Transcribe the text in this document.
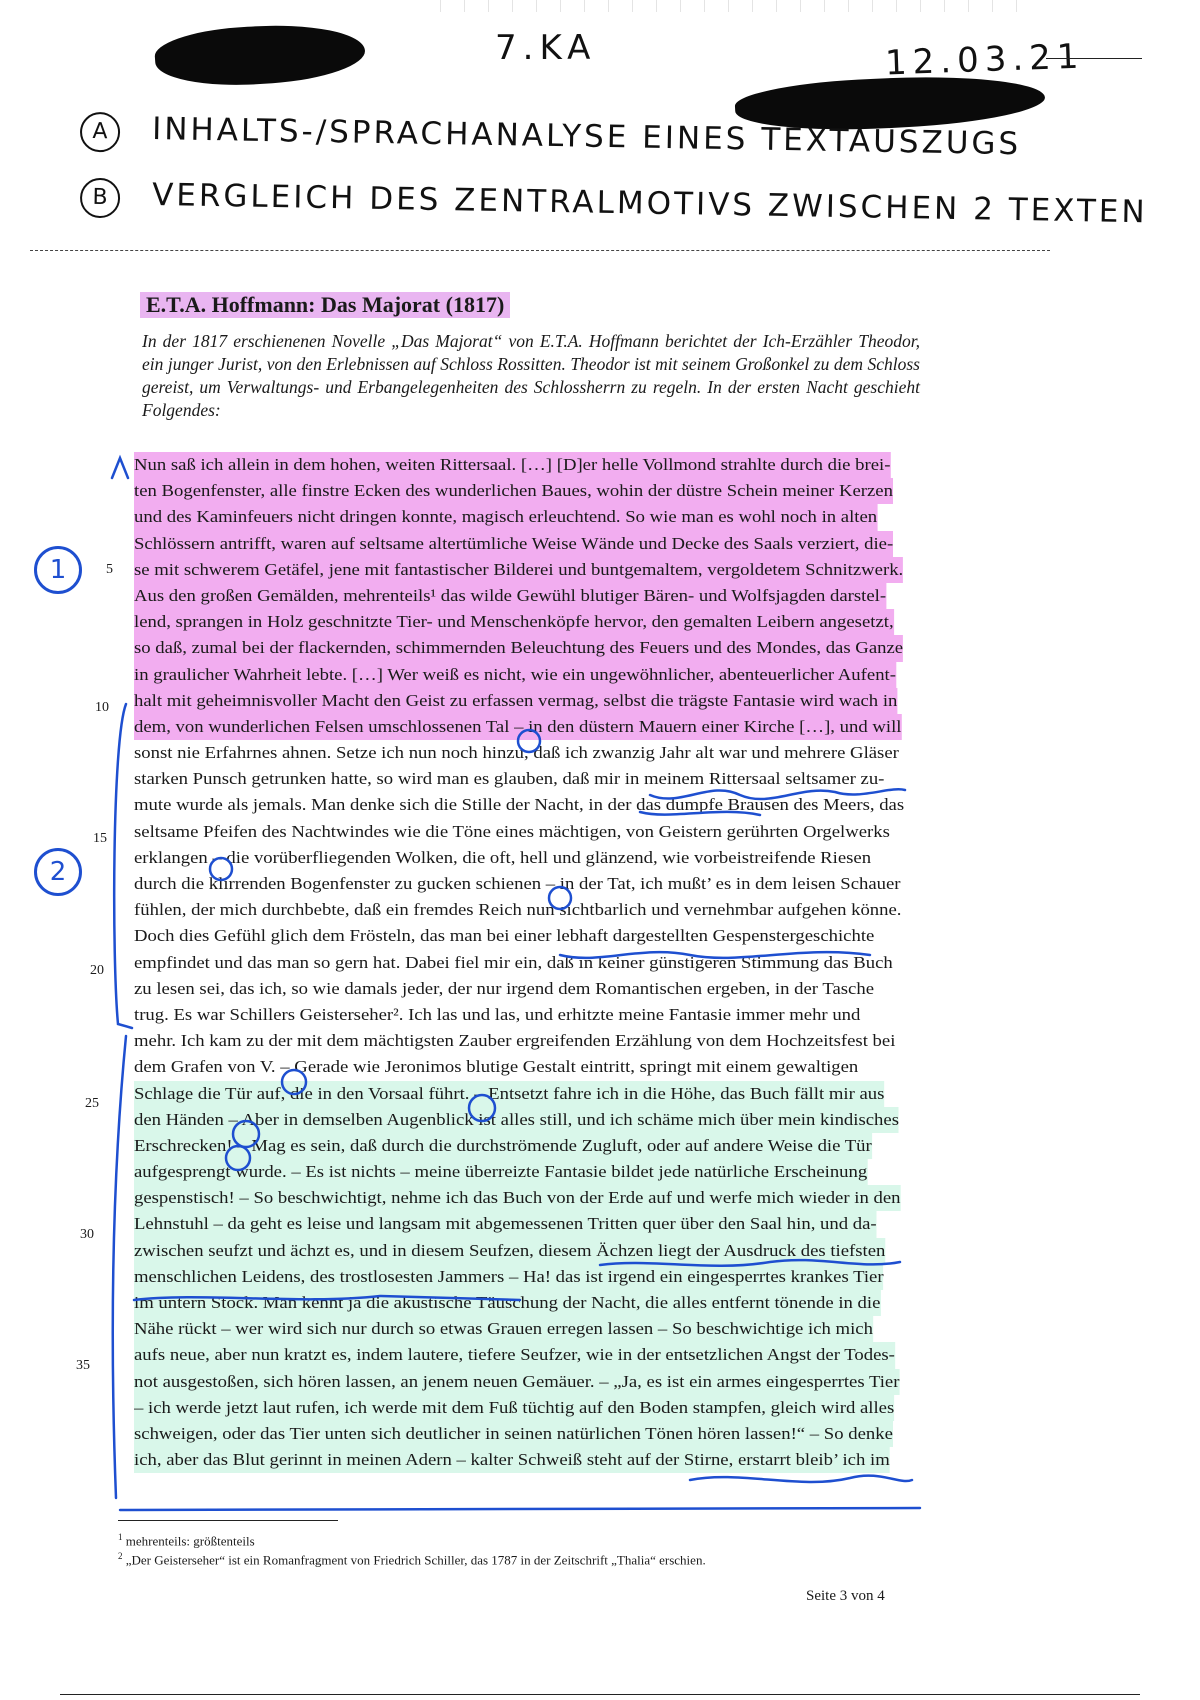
7.KA	12.03.21
A INHALTS-/SPRACHANALYSE EINES TEXTAUSZUGS
B VERGLEICH DES ZENTRALMOTIVS ZWISCHEN 2 TEXTEN
E.T.A. Hoffmann: Das Majorat (1817)
In der 1817 erschienenen Novelle „Das Majorat“ von E.T.A. Hoffmann berichtet der Ich-Erzähler Theodor, ein junger Jurist, von den Erlebnissen auf Schloss Rossitten. Theodor ist mit seinem Großonkel zu dem Schloss gereist, um Verwaltungs- und Erbangelegenheiten des Schlossherrn zu regeln. In der ersten Nacht geschieht Folgendes:
Nun saß ich allein in dem hohen, weiten Rittersaal. […] [D]er helle Vollmond strahlte durch die brei-
ten Bogenfenster, alle finstre Ecken des wunderlichen Baues, wohin der düstre Schein meiner Kerzen
und des Kaminfeuers nicht dringen konnte, magisch erleuchtend. So wie man es wohl noch in alten
Schlössern antrifft, waren auf seltsame altertümliche Weise Wände und Decke des Saals verziert, die-
se mit schwerem Getäfel, jene mit fantastischer Bilderei und buntgemaltem, vergoldetem Schnitzwerk.
Aus den großen Gemälden, mehrenteils¹ das wilde Gewühl blutiger Bären- und Wolfsjagden darstel-
lend, sprangen in Holz geschnitzte Tier- und Menschenköpfe hervor, den gemalten Leibern angesetzt,
so daß, zumal bei der flackernden, schimmernden Beleuchtung des Feuers und des Mondes, das Ganze
in graulicher Wahrheit lebte. […] Wer weiß es nicht, wie ein ungewöhnlicher, abenteuerlicher Aufent-
halt mit geheimnisvoller Macht den Geist zu erfassen vermag, selbst die trägste Fantasie wird wach in
dem, von wunderlichen Felsen umschlossenen Tal – in den düstern Mauern einer Kirche […], und will
sonst nie Erfahrnes ahnen. Setze ich nun noch hinzu, daß ich zwanzig Jahr alt war und mehrere Gläser
starken Punsch getrunken hatte, so wird man es glauben, daß mir in meinem Rittersaal seltsamer zu-
mute wurde als jemals. Man denke sich die Stille der Nacht, in der das dumpfe Brausen des Meers, das
seltsame Pfeifen des Nachtwindes wie die Töne eines mächtigen, von Geistern gerührten Orgelwerks
erklangen – die vorüberfliegenden Wolken, die oft, hell und glänzend, wie vorbeistreifende Riesen
durch die klirrenden Bogenfenster zu gucken schienen – in der Tat, ich mußt’ es in dem leisen Schauer
fühlen, der mich durchbebte, daß ein fremdes Reich nun sichtbarlich und vernehmbar aufgehen könne.
Doch dies Gefühl glich dem Frösteln, das man bei einer lebhaft dargestellten Gespenstergeschichte
empfindet und das man so gern hat. Dabei fiel mir ein, daß in keiner günstigeren Stimmung das Buch
zu lesen sei, das ich, so wie damals jeder, der nur irgend dem Romantischen ergeben, in der Tasche
trug. Es war Schillers Geisterseher². Ich las und las, und erhitzte meine Fantasie immer mehr und
mehr. Ich kam zu der mit dem mächtigsten Zauber ergreifenden Erzählung von dem Hochzeitsfest bei
dem Grafen von V. – Gerade wie Jeronimos blutige Gestalt eintritt, springt mit einem gewaltigen
Schlage die Tür auf, die in den Vorsaal führt. – Entsetzt fahre ich in die Höhe, das Buch fällt mir aus
den Händen – Aber in demselben Augenblick ist alles still, und ich schäme mich über mein kindisches
Erschrecken! – Mag es sein, daß durch die durchströmende Zugluft, oder auf andere Weise die Tür
aufgesprengt wurde. – Es ist nichts – meine überreizte Fantasie bildet jede natürliche Erscheinung
gespenstisch! – So beschwichtigt, nehme ich das Buch von der Erde auf und werfe mich wieder in den
Lehnstuhl – da geht es leise und langsam mit abgemessenen Tritten quer über den Saal hin, und da-
zwischen seufzt und ächzt es, und in diesem Seufzen, diesem Ächzen liegt der Ausdruck des tiefsten
menschlichen Leidens, des trostlosesten Jammers – Ha! das ist irgend ein eingesperrtes krankes Tier
im untern Stock. Man kennt ja die akustische Täuschung der Nacht, die alles entfernt tönende in die
Nähe rückt – wer wird sich nur durch so etwas Grauen erregen lassen – So beschwichtige ich mich
aufs neue, aber nun kratzt es, indem lautere, tiefere Seufzer, wie in der entsetzlichen Angst der Todes-
not ausgestoßen, sich hören lassen, an jenem neuen Gemäuer. – „Ja, es ist ein armes eingesperrtes Tier
– ich werde jetzt laut rufen, ich werde mit dem Fuß tüchtig auf den Boden stampfen, gleich wird alles
schweigen, oder das Tier unten sich deutlicher in seinen natürlichen Tönen hören lassen!“ – So denke
ich, aber das Blut gerinnt in meinen Adern – kalter Schweiß steht auf der Stirne, erstarrt bleib’ ich im
5
10
15
20
25
30
35
1
2
$^1$ mehrenteils: größtenteils
$^2$ „Der Geisterseher“ ist ein Romanfragment von Friedrich Schiller, das 1787 in der Zeitschrift „Thalia“ erschien.
Seite 3 von 4
